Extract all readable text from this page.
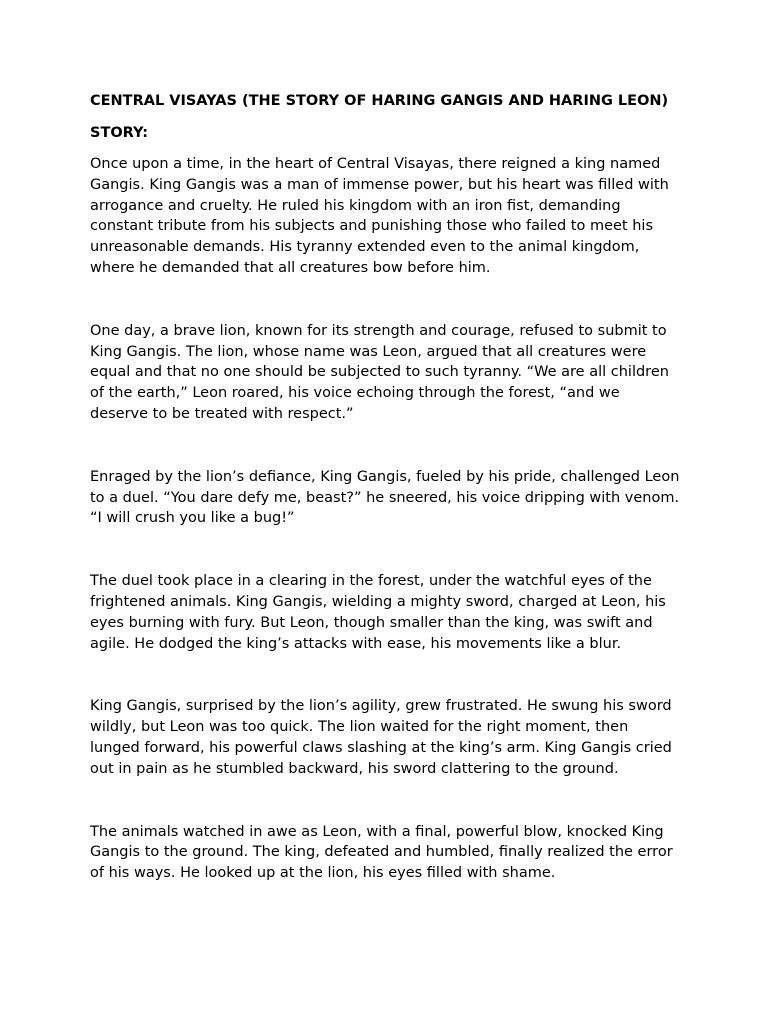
CENTRAL VISAYAS (THE STORY OF HARING GANGIS AND HARING LEON)
STORY:

Once upon a time, in the heart of Central Visayas, there reigned a king named Gangis. King Gangis was a man of immense power, but his heart was filled with arrogance and cruelty. He ruled his kingdom with an iron fist, demanding constant tribute from his subjects and punishing those who failed to meet his unreasonable demands. His tyranny extended even to the animal kingdom, where he demanded that all creatures bow before him.

One day, a brave lion, known for its strength and courage, refused to submit to King Gangis. The lion, whose name was Leon, argued that all creatures were equal and that no one should be subjected to such tyranny. “We are all children of the earth,” Leon roared, his voice echoing through the forest, “and we deserve to be treated with respect.”

Enraged by the lion’s defiance, King Gangis, fueled by his pride, challenged Leon to a duel. “You dare defy me, beast?” he sneered, his voice dripping with venom. “I will crush you like a bug!”

The duel took place in a clearing in the forest, under the watchful eyes of the frightened animals. King Gangis, wielding a mighty sword, charged at Leon, his eyes burning with fury. But Leon, though smaller than the king, was swift and agile. He dodged the king’s attacks with ease, his movements like a blur.

King Gangis, surprised by the lion’s agility, grew frustrated. He swung his sword wildly, but Leon was too quick. The lion waited for the right moment, then lunged forward, his powerful claws slashing at the king’s arm. King Gangis cried out in pain as he stumbled backward, his sword clattering to the ground.

The animals watched in awe as Leon, with a final, powerful blow, knocked King Gangis to the ground. The king, defeated and humbled, finally realized the error of his ways. He looked up at the lion, his eyes filled with shame.
